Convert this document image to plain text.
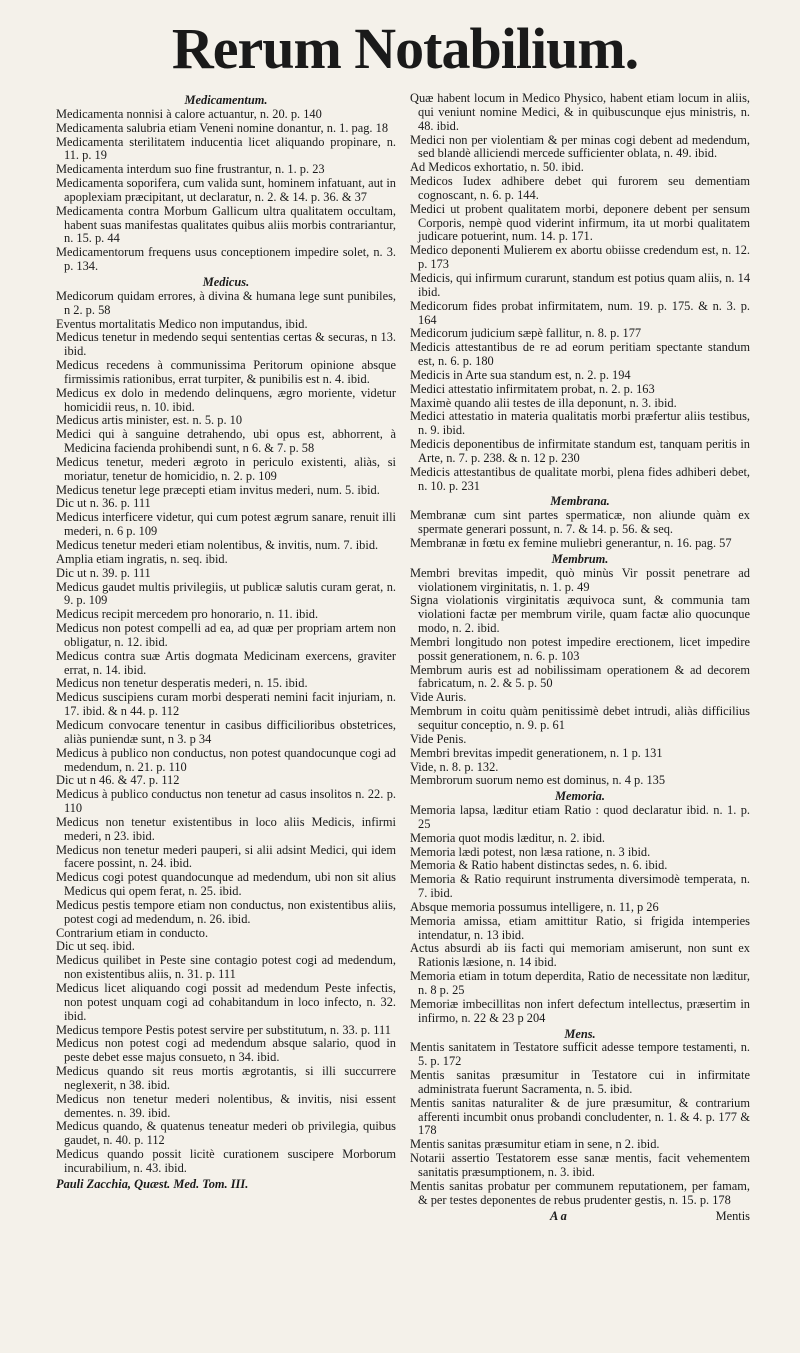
Rerum Notabilium.
Medicamentum.

Medicamenta nonnisi à calore actuantur, n. 20. p. 140

Medicamenta salubria etiam Veneni nomine donantur, n. 1. pag. 18

Medicamenta sterilitatem inducentia licet aliquando propinare, n. 11. p. 19

Medicamenta interdum suo fine frustrantur, n. 1. p. 23

Medicamenta soporifera, cum valida sunt, hominem infatuant, aut in apoplexiam præcipitant, ut declaratur, n. 2. & 14. p. 36. & 37

Medicamenta contra Morbum Gallicum ultra qualitatem occultam, habent suas manifestas qualitates quibus aliis morbis contrariantur, n. 15. p. 44

Medicamentorum frequens usus conceptionem impedire solet, n. 3. p. 134.

Medicus.

Medicorum quidam errores, à divina & humana lege sunt punibiles, n 2. p. 58

Eventus mortalitatis Medico non imputandus, ibid.

Medicus tenetur in medendo sequi sententias certas & securas, n 13. ibid.

Medicus recedens à communissima Peritorum opinione absque firmissimis rationibus, errat turpiter, & punibilis est n. 4. ibid.

Medicus ex dolo in medendo delinquens, ægro moriente, videtur homicidii reus, n. 10. ibid.

Medicus artis minister, est. n. 5. p. 10

Medici qui à sanguine detrahendo, ubi opus est, abhorrent, à Medicina facienda prohibendi sunt, n 6. & 7. p. 58

Medicus tenetur, mederi ægroto in periculo existenti, aliàs, si moriatur, tenetur de homicidio, n. 2. p. 109

Medicus tenetur lege præcepti etiam invitus mederi, num. 5. ibid.

Dic ut n. 36. p. 111

Medicus interficere videtur, qui cum potest ægrum sanare, renuit illi mederi, n. 6 p. 109

Medicus tenetur mederi etiam nolentibus, & invitis, num. 7. ibid.

Amplia etiam ingratis, n. seq. ibid.

Dic ut n. 39. p. 111

Medicus gaudet multis privilegiis, ut publicæ salutis curam gerat, n. 9. p. 109

Medicus recipit mercedem pro honorario, n. 11. ibid.

Medicus non potest compelli ad ea, ad quæ per propriam artem non obligatur, n. 12. ibid.

Medicus contra suæ Artis dogmata Medicinam exercens, graviter errat, n. 14. ibid.

Medicus non tenetur desperatis mederi, n. 15. ibid.

Medicus suscipiens curam morbi desperati nemini facit injuriam, n. 17. ibid. & n 44. p. 112

Medicum convocare tenentur in casibus difficilioribus obstetrices, aliàs puniendæ sunt, n 3. p 34

Medicus à publico non conductus, non potest quandocunque cogi ad medendum, n. 21. p. 110

Dic ut n 46. & 47. p. 112

Medicus à publico conductus non tenetur ad casus insolitos n. 22. p. 110

Medicus non tenetur existentibus in loco aliis Medicis, infirmi mederi, n 23. ibid.

Medicus non tenetur mederi pauperi, si alii adsint Medici, qui idem facere possint, n. 24. ibid.

Medicus cogi potest quandocunque ad medendum, ubi non sit alius Medicus qui opem ferat, n. 25. ibid.

Medicus pestis tempore etiam non conductus, non existentibus aliis, potest cogi ad medendum, n. 26. ibid.

Contrarium etiam in conducto.

Dic ut seq. ibid.

Medicus quilibet in Peste sine contagio potest cogi ad medendum, non existentibus aliis, n. 31. p. 111

Medicus licet aliquando cogi possit ad medendum Peste infectis, non potest unquam cogi ad cohabitandum in loco infecto, n. 32. ibid.

Medicus tempore Pestis potest servire per substitutum, n. 33. p. 111

Medicus non potest cogi ad medendum absque salario, quod in peste debet esse majus consueto, n 34. ibid.

Medicus quando sit reus mortis ægrotantis, si illi succurrere neglexerit, n 38. ibid.

Medicus non tenetur mederi nolentibus, & invitis, nisi essent dementes. n. 39. ibid.

Medicus quando, & quatenus teneatur mederi ob privilegia, quibus gaudet, n. 40. p. 112

Medicus quando possit licitè curationem suscipere Morborum incurabilium, n. 43. ibid.

Pauli Zacchia, Quæst. Med. Tom. III.

Quæ habent locum in Medico Physico, habent etiam locum in aliis, qui veniunt nomine Medici, & in quibuscunque ejus ministris, n. 48. ibid.

Medici non per violentiam & per minas cogi debent ad medendum, sed blandè alliciendi mercede sufficienter oblata, n. 49. ibid.

Ad Medicos exhortatio, n. 50. ibid.

Medicos Iudex adhibere debet qui furorem seu dementiam cognoscant, n. 6. p. 144.

Medici ut probent qualitatem morbi, deponere debent per sensum Corporis, nempè quod viderint infirmum, ita ut morbi qualitatem judicare potuerint, num. 14. p. 171.

Medico deponenti Mulierem ex abortu obiisse credendum est, n. 12. p. 173

Medicis, qui infirmum curarunt, standum est potius quam aliis, n. 14 ibid.

Medicorum fides probat infirmitatem, num. 19. p. 175. & n. 3. p. 164

Medicorum judicium sæpè fallitur, n. 8. p. 177

Medicis attestantibus de re ad eorum peritiam spectante standum est, n. 6. p. 180

Medicis in Arte sua standum est, n. 2. p. 194

Medici attestatio infirmitatem probat, n. 2. p. 163

Maximè quando alii testes de illa deponunt, n. 3. ibid.

Medici attestatio in materia qualitatis morbi præfertur aliis testibus, n. 9. ibid.

Medicis deponentibus de infirmitate standum est, tanquam peritis in Arte, n. 7. p. 238. & n. 12 p. 230

Medicis attestantibus de qualitate morbi, plena fides adhiberi debet, n. 10. p. 231

Membrana.

Membranæ cum sint partes spermaticæ, non aliunde quàm ex spermate generari possunt, n. 7. & 14. p. 56. & seq.

Membranæ in fœtu ex femine muliebri generantur, n. 16. pag. 57

Membrum.

Membri brevitas impedit, quò minùs Vir possit penetrare ad violationem virginitatis, n. 1. p. 49

Signa violationis virginitatis æquivoca sunt, & communia tam violationi factæ per membrum virile, quam factæ alio quocunque modo, n. 2. ibid.

Membri longitudo non potest impedire erectionem, licet impedire possit generationem, n. 6. p. 103

Membrum auris est ad nobilissimam operationem & ad decorem fabricatum, n. 2. & 5. p. 50

Vide Auris.

Membrum in coitu quàm penitissimè debet intrudi, aliàs difficilius sequitur conceptio, n. 9. p. 61

Vide Penis.

Membri brevitas impedit generationem, n. 1 p. 131

Vide, n. 8. p. 132.

Membrorum suorum nemo est dominus, n. 4 p. 135

Memoria.

Memoria lapsa, læditur etiam Ratio : quod declaratur ibid. n. 1. p. 25

Memoria quot modis læditur, n. 2. ibid.

Memoria lædi potest, non læsa ratione, n. 3 ibid.

Memoria & Ratio habent distinctas sedes, n. 6. ibid.

Memoria & Ratio requirunt instrumenta diversimodè temperata, n. 7. ibid.

Absque memoria possumus intelligere, n. 11, p 26

Memoria amissa, etiam amittitur Ratio, si frigida intemperies intendatur, n. 13 ibid.

Actus absurdi ab iis facti qui memoriam amiserunt, non sunt ex Rationis læsione, n. 14 ibid.

Memoria etiam in totum deperdita, Ratio de necessitate non læditur, n. 8 p. 25

Memoriæ imbecillitas non infert defectum intellectus, præsertim in infirmo, n. 22 & 23 p 204

Mens.

Mentis sanitatem in Testatore sufficit adesse tempore testamenti, n. 5. p. 172

Mentis sanitas præsumitur in Testatore cui in infirmitate administrata fuerunt Sacramenta, n. 5. ibid.

Mentis sanitas naturaliter & de jure præsumitur, & contrarium afferenti incumbit onus probandi concludenter, n. 1. & 4. p. 177 & 178

Mentis sanitas præsumitur etiam in sene, n 2. ibid.

Notarii assertio Testatorem esse sanæ mentis, facit vehementem sanitatis præsumptionem, n. 3. ibid.

Mentis sanitas probatur per communem reputationem, per famam, & per testes deponentes de rebus prudenter gestis, n. 15. p. 178

A a	Mentis
